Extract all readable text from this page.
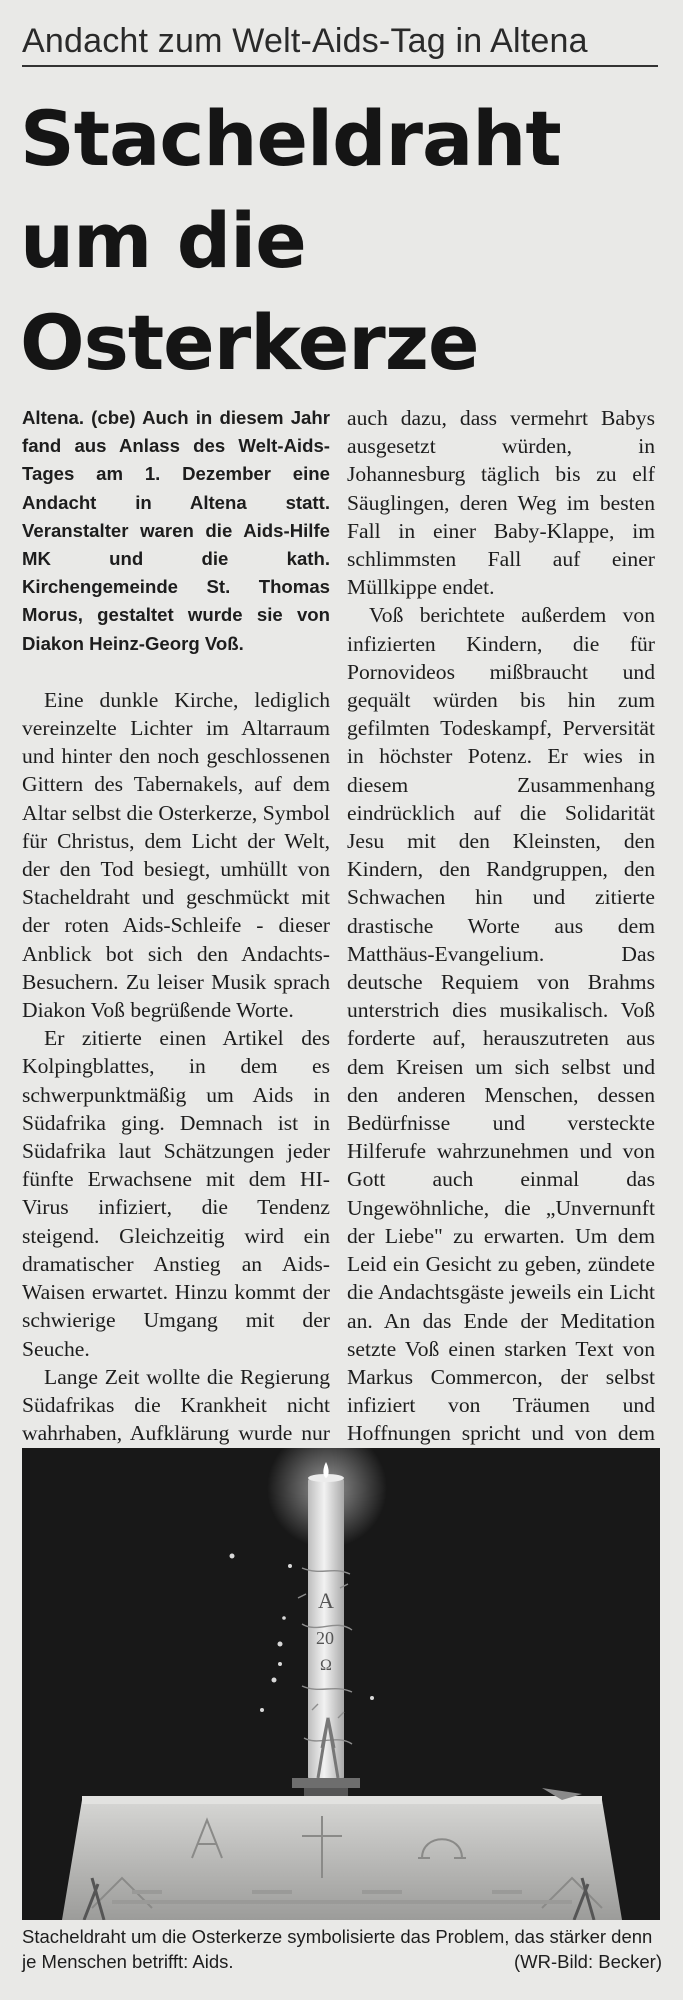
Andacht zum Welt-Aids-Tag in Altena
Stacheldraht
um die
Osterkerze

Altena. (cbe) Auch in diesem Jahr fand aus Anlass des Welt-Aids-Tages am 1. Dezember eine Andacht in Altena statt. Veranstalter waren die Aids-Hilfe MK und die kath. Kirchengemeinde St. Thomas Morus, gestaltet wurde sie von Diakon Heinz-Georg Voß.

Eine dunkle Kirche, lediglich vereinzelte Lichter im Altarraum und hinter den noch geschlossenen Gittern des Tabernakels, auf dem Altar selbst die Osterkerze, Symbol für Christus, dem Licht der Welt, der den Tod besiegt, umhüllt von Stacheldraht und geschmückt mit der roten Aids-Schleife - dieser Anblick bot sich den Andachts-Besuchern. Zu leiser Musik sprach Diakon Voß begrüßende Worte.

Er zitierte einen Artikel des Kolpingblattes, in dem es schwerpunktmäßig um Aids in Südafrika ging. Demnach ist in Südafrika laut Schätzungen jeder fünfte Erwachsene mit dem HI-Virus infiziert, die Tendenz steigend. Gleichzeitig wird ein dramatischer Anstieg an Aids-Waisen erwartet. Hinzu kommt der schwierige Umgang mit der Seuche.

Lange Zeit wollte die Regierung Südafrikas die Krankheit nicht wahrhaben, Aufklärung wurde nur

auch dazu, dass vermehrt Babys ausgesetzt würden, in Johannesburg täglich bis zu elf Säuglingen, deren Weg im besten Fall in einer Baby-Klappe, im schlimmsten Fall auf einer Müllkippe endet.

Voß berichtete außerdem von infizierten Kindern, die für Pornovideos mißbraucht und gequält würden bis hin zum gefilmten Todeskampf, Perversität in höchster Potenz. Er wies in diesem Zusammenhang eindrücklich auf die Solidarität Jesu mit den Kleinsten, den Kindern, den Randgruppen, den Schwachen hin und zitierte drastische Worte aus dem Matthäus-Evangelium. Das deutsche Requiem von Brahms unterstrich dies musikalisch. Voß forderte auf, herauszutreten aus dem Kreisen um sich selbst und den anderen Menschen, dessen Bedürfnisse und versteckte Hilferufe wahrzunehmen und von Gott auch einmal das Ungewöhnliche, die „Unvernunft der Liebe" zu erwarten. Um dem Leid ein Gesicht zu geben, zündete die Andachtsgäste jeweils ein Licht an. An das Ende der Meditation setzte Voß einen starken Text von Markus Commercon, der selbst infiziert von Träumen und Hoffnungen spricht und von dem

A
20
Ω
Stacheldraht um die Osterkerze symbolisierte das Problem, das stärker denn je Menschen betrifft: Aids.	(WR-Bild: Becker)
